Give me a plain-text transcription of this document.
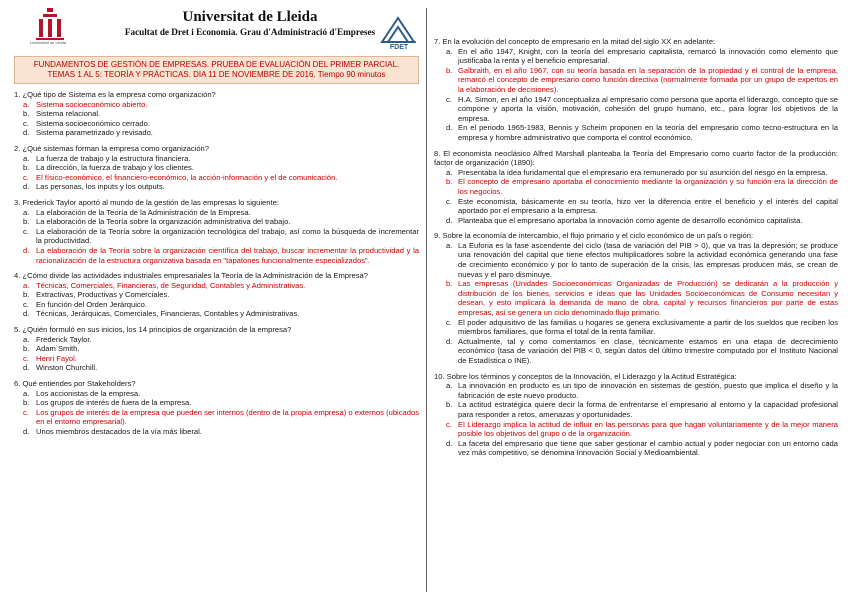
Universitat de Lleida
Universitat de Lleida
Facultat de Dret i Economia. Grau d'Administració d'Empreses
FDET
FUNDAMENTOS DE GESTIÓN DE EMPRESAS. PRUEBA DE EVALUACIÓN DEL PRIMER PARCIAL.
TEMAS 1 AL 5: TEORÍA Y PRÁCTICAS. DIA 11 DE NOVIEMBRE DE 2016. Tiempo 90 minutos
1. ¿Qué tipo de Sistema es la empresa como organización?
a. Sistema socioeconómico abierto.
b. Sistema relacional.
c. Sistema socioeconómico cerrado.
d. Sistema parametrizado y revisado.
2. ¿Qué sistemas forman la empresa como organización?
a. La fuerza de trabajo y la estructura financiera.
b. La dirección, la fuerza de trabajo y los clientes.
c. El físico-económico, el financiero-económico, la acción-información y el de comunicación.
d. Las personas, los inputs y los outputs.
3. Frederick Taylor aportó al mundo de la gestión de las empresas lo siguiente:
a. La elaboración de la Teoría de la Administración de la Empresa.
b. La elaboración de la Teoría sobre la organización administrativa del trabajo.
c. La elaboración de la Teoría sobre la organización tecnológica del trabajo, así como la búsqueda de incrementar la productividad.
d. La elaboración de la Teoría sobre la organización científica del trabajo, buscar incrementar la productividad y la racionalización de la estructura organizativa basada en "tapatones funcionalmente especializados".
4. ¿Cómo divide las actividades industriales empresariales la Teoría de la Administración de la Empresa?
a. Técnicas, Comerciales, Financieras, de Seguridad, Contables y Administrativas.
b. Extractivas, Productivas y Comerciales.
c. En función del Orden Jerárquico.
d. Técnicas, Jerárquicas, Comerciales, Financieras, Contables y Administrativas.
5. ¿Quién formuló en sus inicios, los 14 principios de organización de la empresa?
a. Frederick Taylor.
b. Adam Smith.
c. Henri Fayol.
d. Winston Churchill.
6. Qué entiendes por Stakeholders?
a. Los accionistas de la empresa.
b. Los grupos de interés de fuera de la empresa.
c. Los grupos de interés de la empresa que pueden ser internos (dentro de la propia empresa) o externos (ubicados en el entorno empresarial).
d. Unos miembros destacados de la vía más liberal.
7. En la evolución del concepto de empresario en la mitad del siglo XX en adelante:
a. En el año 1947, Knight, con la teoría del empresario capitalista, remarcó la innovación como elemento que justificaba la renta y el beneficio empresarial.
b. Galbraith, en el año 1967, con su teoría basada en la separación de la propiedad y el control de la empresa, remarcó el concepto de empresario como función directiva (normalmente formada por un grupo de expertos en la elaboración de decisiones).
c. H.A. Simon, en el año 1947 conceptualiza al empresario como persona que aporta el liderazgo, concepto que se compone y aporta la visión, motivación, cohesión del grupo humano, etc., para lograr los objetivos de la empresa.
d. En el periodo 1965-1983, Bennis y Scheim proponen en la teoría del empresario como tecno-estructura en la empresa y hombre administrativo que comporta el control económico.
8. El economista neoclásico Alfred Marshall planteaba la Teoría del Empresario como cuarto factor de la producción: factor de organización (1890):
a. Presentaba la idea fundamental que el empresario era remunerado por su asunción del riesgo en la empresa.
b. El concepto de empresario aportaba el conocimiento mediante la organización y su función era la dirección de los negocios.
c. Este economista, básicamente en su teoría, hizo ver la diferencia entre el beneficio y el interés del capital aportado por el empresario a la empresa.
d. Planteaba que el empresario aportaba la innovación como agente de desarrollo económico capitalista.
9. Sobre la economía de intercambio, el flujo primario y el ciclo económico de un país o región:
a. La Euforia es la fase ascendente del ciclo (tasa de variación del PIB > 0), que va tras la depresión; se produce una renovación del capital que tiene efectos multiplicadores sobre la actividad económica generando una fase de crecimiento económico y por lo tanto de superación de la crisis, las empresas producen más, se crean de nuevas y el paro disminuye.
b. Las empresas (Unidades Socioeconómicas Organizadas de Producción) se dedicarán a la producción y distribución de los bienes, servicios e ideas que las Unidades Socioeconómicas de Consumo necesitan y desean, y esto implicará la demanda de mano de obra, capital y recursos financieros por parte de estas empresas, así se genera un ciclo denominado flujo primario.
c. El poder adquisitivo de las familias u hogares se genera exclusivamente a partir de los sueldos que reciben los miembros familiares, que forma el total de la renta familiar.
d. Actualmente, tal y como comentamos en clase, técnicamente estamos en una etapa de decrecimiento económico (tasa de variación del PIB < 0, según datos del último trimestre computado por el Instituto Nacional de Estadística o INE).
10. Sobre los términos y conceptos de la Innovación, el Liderazgo y la Actitud Estratégica:
a. La innovación en producto es un tipo de innovación en sistemas de gestión, puesto que implica el diseño y la fabricación de este nuevo producto.
b. La actitud estratégica quiere decir la forma de enfrentarse el empresario al entorno y la capacidad profesional para responder a retos, amenazas y oportunidades.
c. El Liderazgo implica la actitud de influir en las personas para que hagan voluntariamente y de la mejor manera posible los objetivos del grupo o de la organización.
d. La faceta del empresario que tiene que saber gestionar el cambio actual y poder negociar con un entorno cada vez más competitivo, se denomina Innovación Social y Medioambiental.
